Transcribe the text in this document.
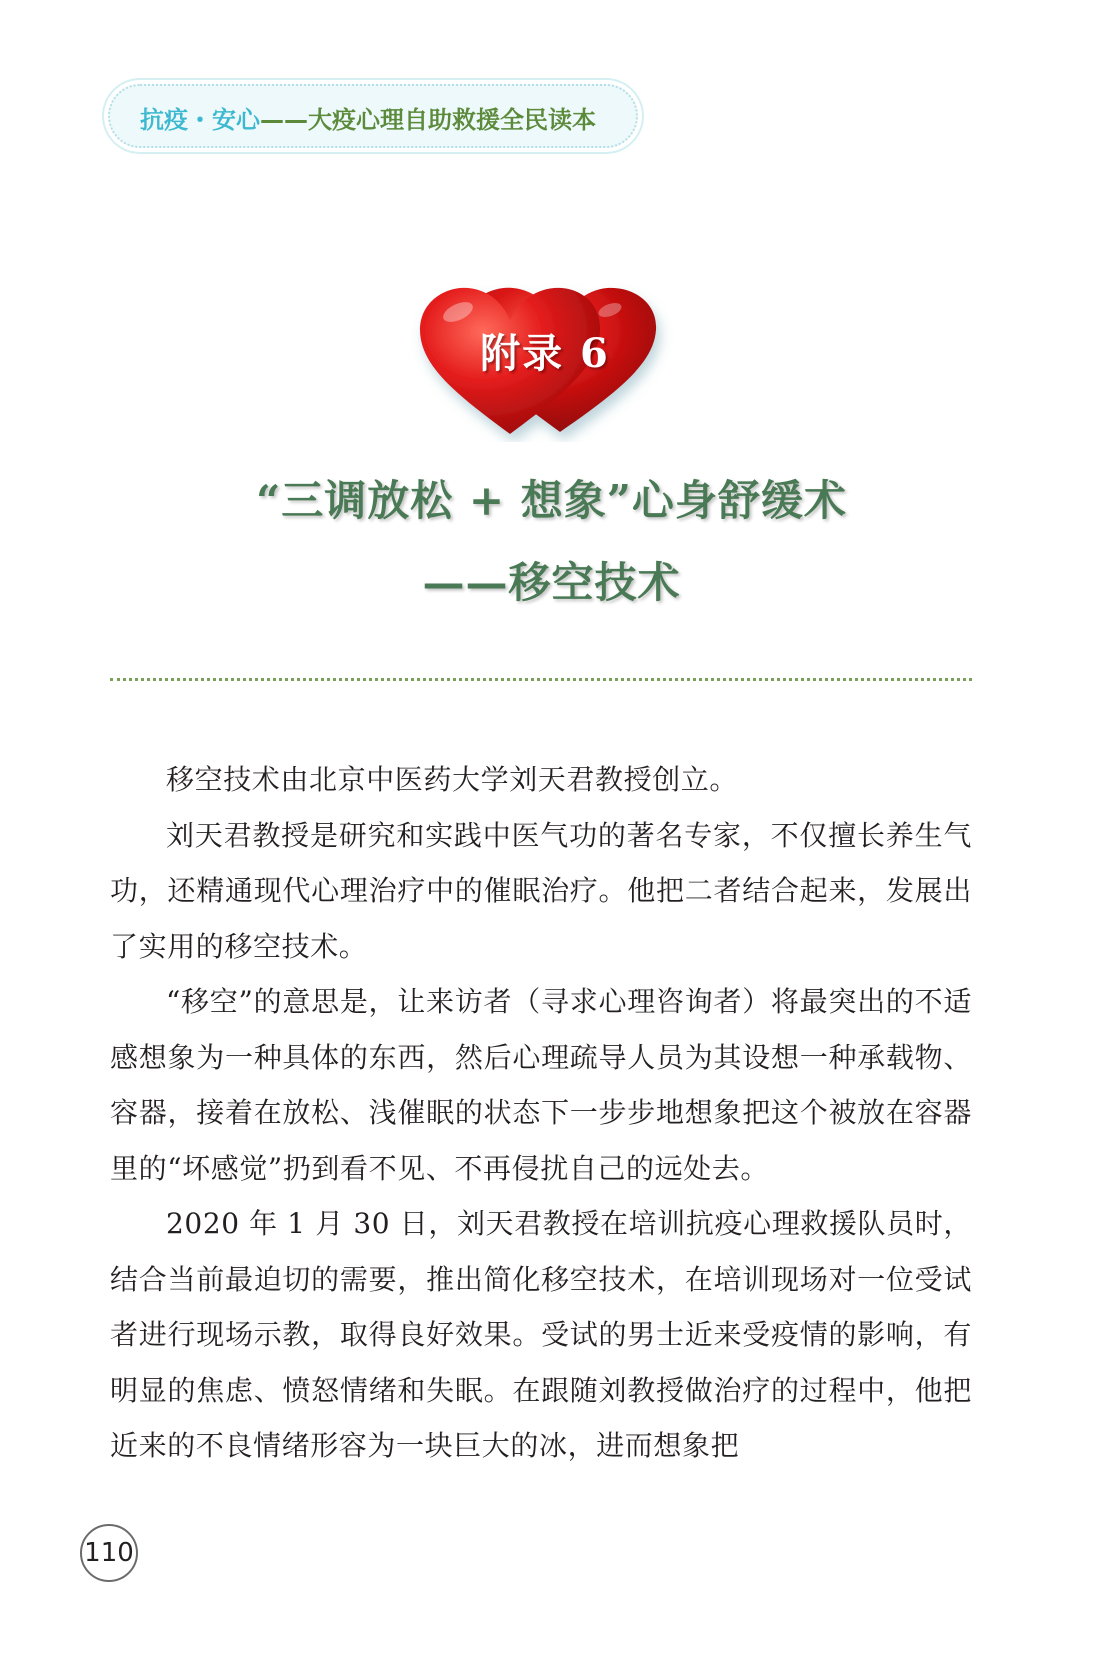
抗疫・安心——大疫心理自助救援全民读本
附录 6
“三调放松 + 想象”心身舒缓术
——移空技术

移空技术由北京中医药大学刘天君教授创立。

刘天君教授是研究和实践中医气功的著名专家，不仅擅长养生气功，还精通现代心理治疗中的催眠治疗。他把二者结合起来，发展出了实用的移空技术。

“移空”的意思是，让来访者（寻求心理咨询者）将最突出的不适感想象为一种具体的东西，然后心理疏导人员为其设想一种承载物、容器，接着在放松、浅催眠的状态下一步步地想象把这个被放在容器里的“坏感觉”扔到看不见、不再侵扰自己的远处去。

2020 年 1 月 30 日，刘天君教授在培训抗疫心理救援队员时，结合当前最迫切的需要，推出简化移空技术，在培训现场对一位受试者进行现场示教，取得良好效果。受试的男士近来受疫情的影响，有明显的焦虑、愤怒情绪和失眠。在跟随刘教授做治疗的过程中，他把近来的不良情绪形容为一块巨大的冰，进而想象把

110
